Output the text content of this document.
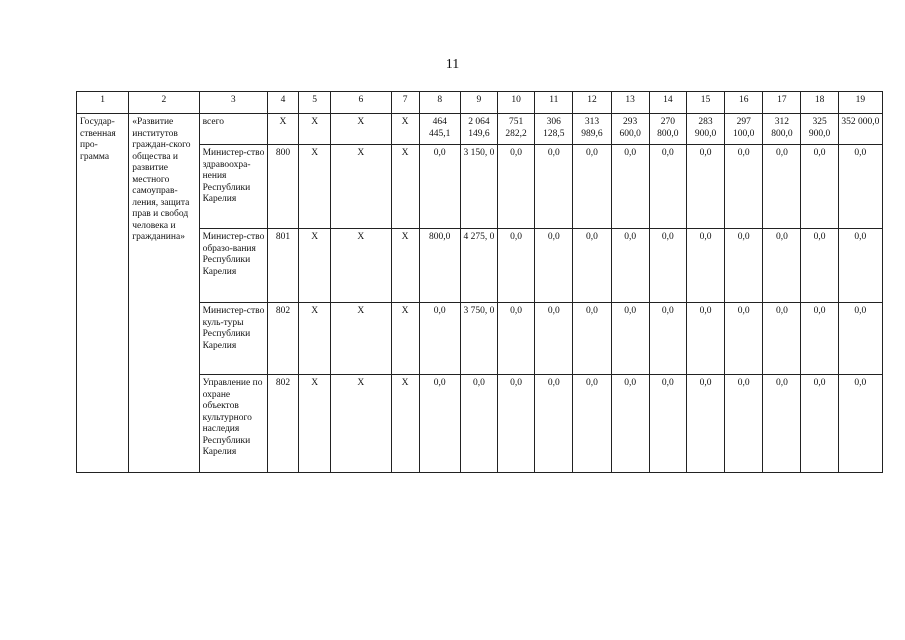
11
1	2	3	4	5	6	7	8	9	10	11	12	13	14	15	16	17	18	19
Государ-ственная про-грамма	«Развитие институтов граждан-ского общества и развитие местного самоуправ-ления, защита прав и свобод человека и гражданина»	всего	X	X	X	X	464 445,1	2 064 149,6	751 282,2	306 128,5	313 989,6	293 600,0	270 800,0	283 900,0	297 100,0	312 800,0	325 900,0	352 000,0
		Министер-ство здравоохра-нения Республики Карелия	800	X	X	X	0,0	3 150, 0	0,0	0,0	0,0	0,0	0,0	0,0	0,0	0,0	0,0	0,0
		Министер-ство образо-вания Республики Карелия	801	X	X	X	800,0	4 275, 0	0,0	0,0	0,0	0,0	0,0	0,0	0,0	0,0	0,0	0,0
		Министер-ство куль-туры Республики Карелия	802	X	X	X	0,0	3 750, 0	0,0	0,0	0,0	0,0	0,0	0,0	0,0	0,0	0,0	0,0
		Управление по охране объектов культурного наследия Республики Карелия	802	X	X	X	0,0	0,0	0,0	0,0	0,0	0,0	0,0	0,0	0,0	0,0	0,0	0,0
